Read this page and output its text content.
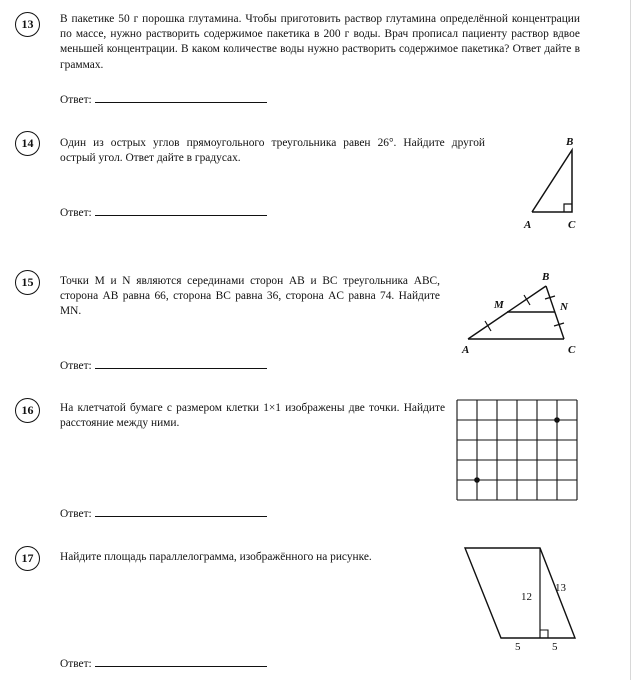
13	В пакетике 50 г порошка глутамина. Чтобы приготовить раствор глутамина определённой концентрации по массе, нужно растворить содержимое пакетика в 200 г воды. Врач прописал пациенту раствор вдвое меньшей концентрации. В каком количестве воды нужно растворить содержимое пакетика? Ответ дайте в граммах.
Ответ:
14	Один из острых углов прямоугольного треугольника равен 26°. Найдите другой острый угол. Ответ дайте в градусах.
Ответ:
B
A	C
15	Точки M и N являются серединами сторон AB и BC треугольника ABC, сторона AB равна 66, сторона BC равна 36, сторона AC равна 74. Найдите MN.
Ответ:
B
M	N
A	C
16	На клетчатой бумаге с размером клетки 1×1 изображены две точки. Найдите расстояние между ними.
Ответ:
17	Найдите площадь параллелограмма, изображённого на рисунке.
Ответ:
13
12
5	5
